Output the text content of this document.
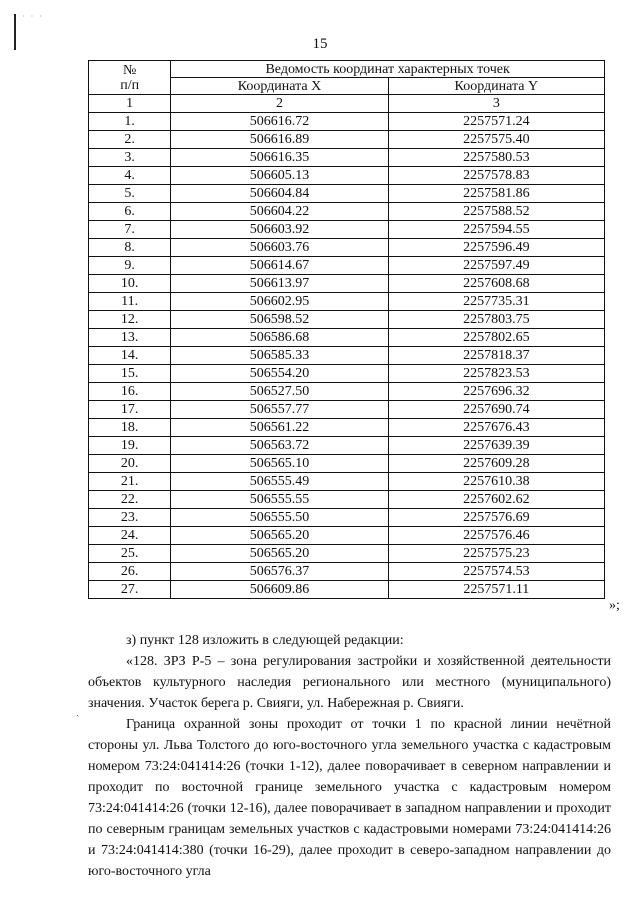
· · ·
15
№
п/п	Ведомость координат характерных точек	
	Координата X	Координата Y
1	2	3
1.	506616.72	2257571.24
2.	506616.89	2257575.40
3.	506616.35	2257580.53
4.	506605.13	2257578.83
5.	506604.84	2257581.86
6.	506604.22	2257588.52
7.	506603.92	2257594.55
8.	506603.76	2257596.49
9.	506614.67	2257597.49
10.	506613.97	2257608.68
11.	506602.95	2257735.31
12.	506598.52	2257803.75
13.	506586.68	2257802.65
14.	506585.33	2257818.37
15.	506554.20	2257823.53
16.	506527.50	2257696.32
17.	506557.77	2257690.74
18.	506561.22	2257676.43
19.	506563.72	2257639.39
20.	506565.10	2257609.28
21.	506555.49	2257610.38
22.	506555.55	2257602.62
23.	506555.50	2257576.69
24.	506565.20	2257576.46
25.	506565.20	2257575.23
26.	506576.37	2257574.53
27.	506609.86	2257571.11
»;
ˎ

з) пункт 128 изложить в следующей редакции:

«128. ЗРЗ Р-5 – зона регулирования застройки и хозяйственной деятельности объектов культурного наследия регионального или местного (муниципального) значения. Участок берега р. Свияги, ул. Набережная р. Свияги.

Граница охранной зоны проходит от точки 1 по красной линии нечётной стороны ул. Льва Толстого до юго-восточного угла земельного участка с кадастровым номером 73:24:041414:26 (точки 1-12), далее поворачивает в северном направлении и проходит по восточной границе земельного участка с кадастровым номером 73:24:041414:26 (точки 12-16), далее поворачивает в западном направлении и проходит по северным границам земельных участков с кадастровыми номерами 73:24:041414:26 и 73:24:041414:380 (точки 16-29), далее проходит в северо-западном направлении до юго-восточного угла
